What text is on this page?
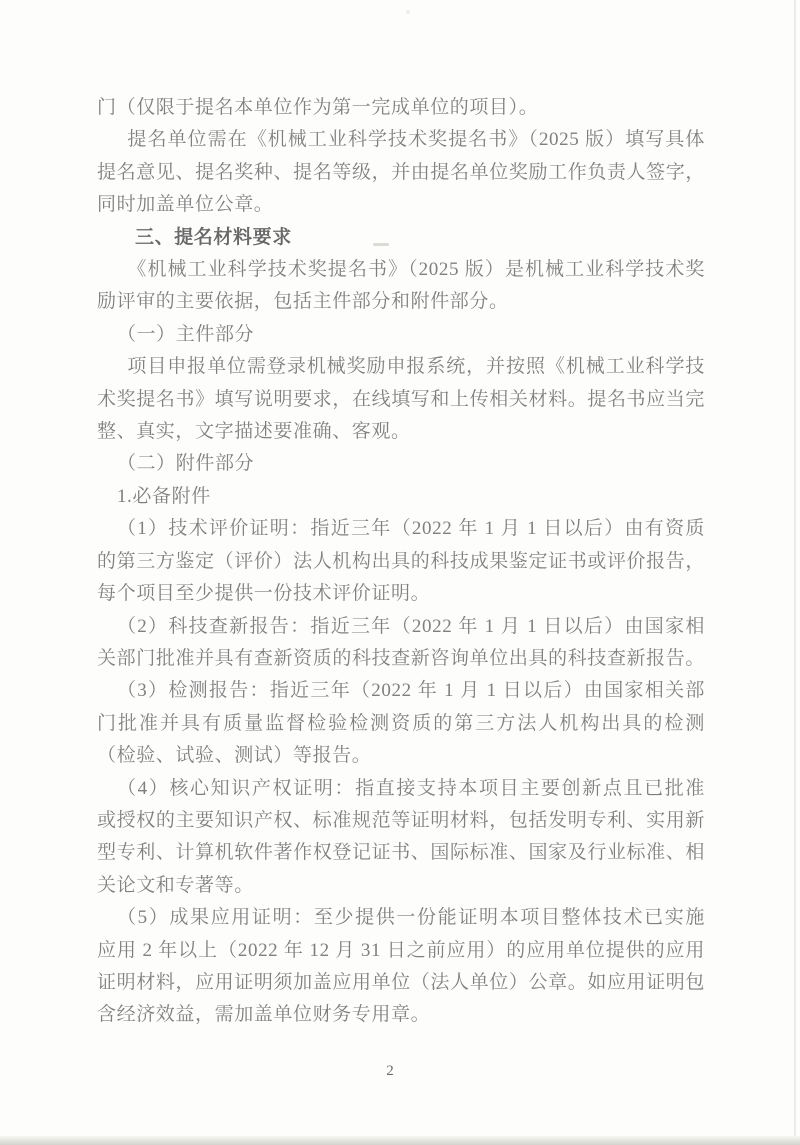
门（仅限于提名本单位作为第一完成单位的项目）。
提名单位需在《机械工业科学技术奖提名书》（2025 版）填写具体
提名意见、提名奖种、提名等级，并由提名单位奖励工作负责人签字，
同时加盖单位公章。
三、提名材料要求
《机械工业科学技术奖提名书》（2025 版）是机械工业科学技术奖
励评审的主要依据，包括主件部分和附件部分。
（一）主件部分
项目申报单位需登录机械奖励申报系统，并按照《机械工业科学技
术奖提名书》填写说明要求，在线填写和上传相关材料。提名书应当完
整、真实，文字描述要准确、客观。
（二）附件部分
1.必备附件
（1）技术评价证明：指近三年（2022 年 1 月 1 日以后）由有资质
的第三方鉴定（评价）法人机构出具的科技成果鉴定证书或评价报告，
每个项目至少提供一份技术评价证明。
（2）科技查新报告：指近三年（2022 年 1 月 1 日以后）由国家相
关部门批准并具有查新资质的科技查新咨询单位出具的科技查新报告。
（3）检测报告：指近三年（2022 年 1 月 1 日以后）由国家相关部
门批准并具有质量监督检验检测资质的第三方法人机构出具的检测
（检验、试验、测试）等报告。
（4）核心知识产权证明：指直接支持本项目主要创新点且已批准
或授权的主要知识产权、标准规范等证明材料，包括发明专利、实用新
型专利、计算机软件著作权登记证书、国际标准、国家及行业标准、相
关论文和专著等。
（5）成果应用证明：至少提供一份能证明本项目整体技术已实施
应用 2 年以上（2022 年 12 月 31 日之前应用）的应用单位提供的应用
证明材料，应用证明须加盖应用单位（法人单位）公章。如应用证明包
含经济效益，需加盖单位财务专用章。
2
